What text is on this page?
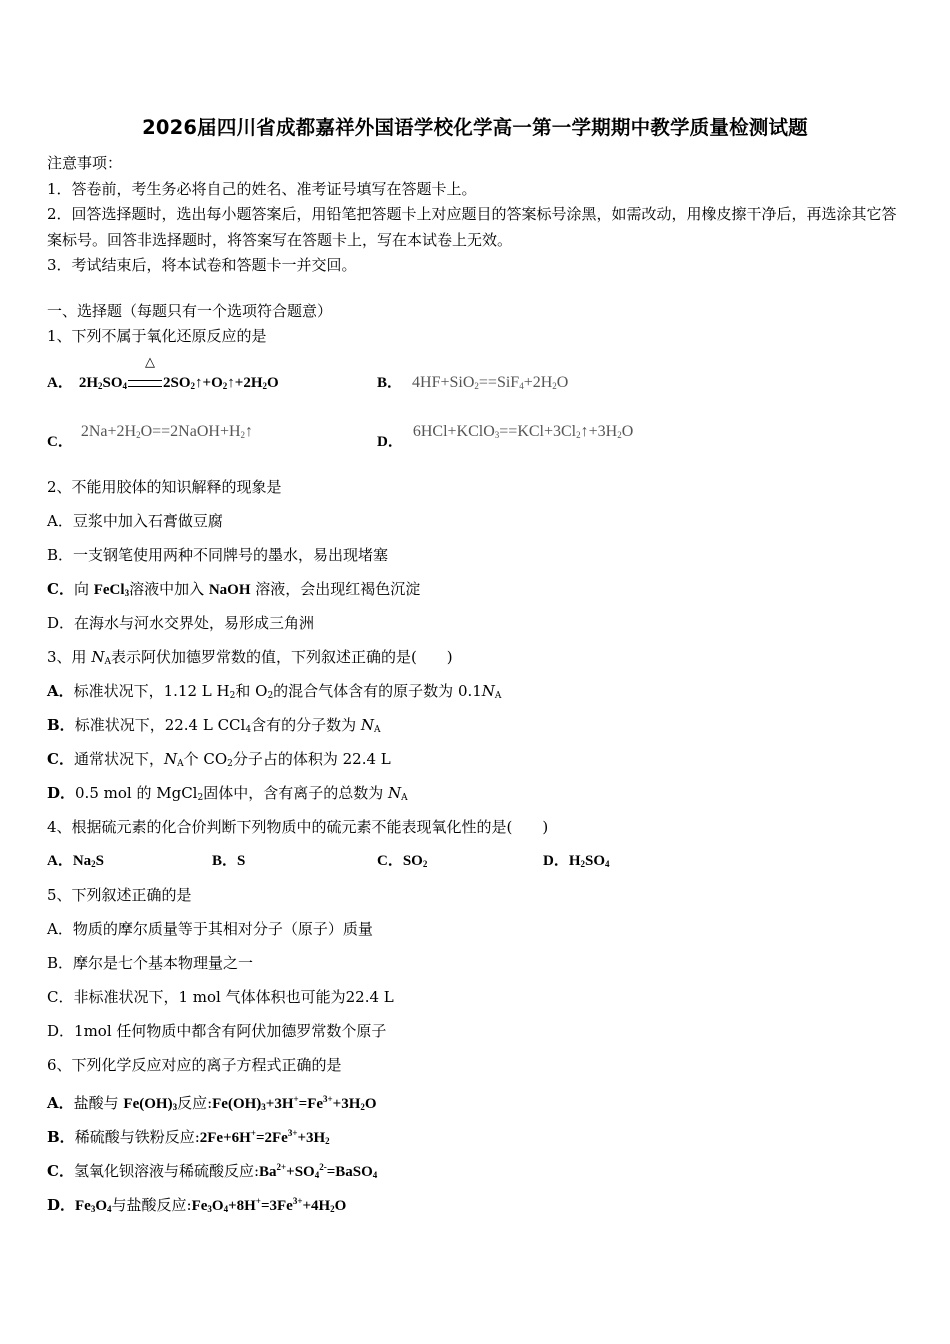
2026届四川省成都嘉祥外国语学校化学高一第一学期期中教学质量检测试题
注意事项：
1．答卷前，考生务必将自己的姓名、准考证号填写在答题卡上。
2．回答选择题时，选出每小题答案后，用铅笔把答题卡上对应题目的答案标号涂黑，如需改动，用橡皮擦干净后，再选涂其它答案标号。回答非选择题时，将答案写在答题卡上，写在本试卷上无效。
3．考试结束后，将本试卷和答题卡一并交回。
一、选择题（每题只有一个选项符合题意）
1、下列不属于氧化还原反应的是
A． $2H_2SO_4$
△
$2SO_2↑+O_2↑+2H_2O$	B． $4HF+SiO_2==SiF_4+2H_2O$
C．$2Na+2H_2O==2NaOH+H_2↑$
D．$6HCl+KClO_3==KCl+3Cl_2↑+3H_2O$
2、不能用胶体的知识解释的现象是
A．豆浆中加入石膏做豆腐
B．一支钢笔使用两种不同牌号的墨水，易出现堵塞
C．向 FeCl$_3$溶液中加入 NaOH 溶液，会出现红褐色沉淀
D．在海水与河水交界处，易形成三角洲
3、用 $N_A$表示阿伏加德罗常数的值，下列叙述正确的是(　　)
A．标准状况下，1.12 L $H_2$和 $O_2$的混合气体含有的原子数为 $0.1N_A$
B．标准状况下，22.4 L CCl$_4$含有的分子数为 $N_A$
C．通常状况下，$N_A$个 $CO_2$分子占的体积为 22.4 L
D．0.5 mol 的 MgCl$_2$固体中，含有离子的总数为 $N_A$
4、根据硫元素的化合价判断下列物质中的硫元素不能表现氧化性的是(　　)
A．$Na_2S$	B．S	C．$SO_2$	D．$H_2SO_4$
5、下列叙述正确的是
A．物质的摩尔质量等于其相对分子（原子）质量
B．摩尔是七个基本物理量之一
C．非标准状况下，1 mol 气体体积也可能为22.4 L
D．1mol 任何物质中都含有阿伏加德罗常数个原子
6、下列化学反应对应的离子方程式正确的是
A．盐酸与 $Fe(OH)_3$反应$:Fe(OH)_3+3H^+=Fe^{3+}+3H_2O$
B．稀硫酸与铁粉反应$:2Fe+6H^+=2Fe^{3+}+3H_2$
C．氢氧化钡溶液与稀硫酸反应$:Ba^{2+}+SO_4^{2-}=BaSO_4$
D．$Fe_3O_4$与盐酸反应$:Fe_3O_4+8H^+=3Fe^{3+}+4H_2O$
